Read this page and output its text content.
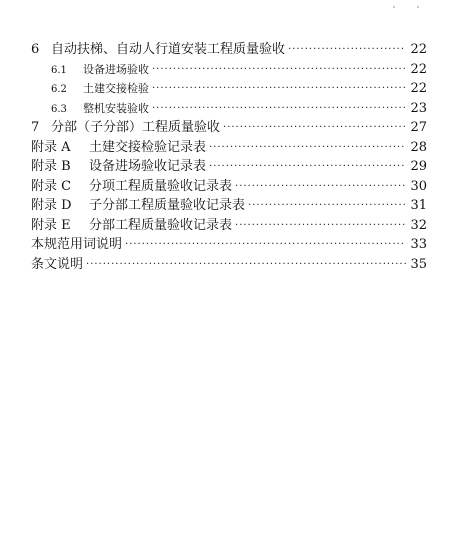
6 自动扶梯、自动人行道安装工程质量验收 ·····	22
6.1	设备进场验收 ·····	22
6.2	土建交接检验 ·····	22
6.3	整机安装验收 ·····	23
7 分部（子分部）工程质量验收 ·····	27
附录 A	土建交接检验记录表 ·····	28
附录 B	设备进场验收记录表 ·····	29
附录 C	分项工程质量验收记录表 ·····	30
附录 D	子分部工程质量验收记录表 ·····	31
附录 E	分部工程质量验收记录表 ·····	32
本规范用词说明 ·····	33
条文说明 ·····	35
